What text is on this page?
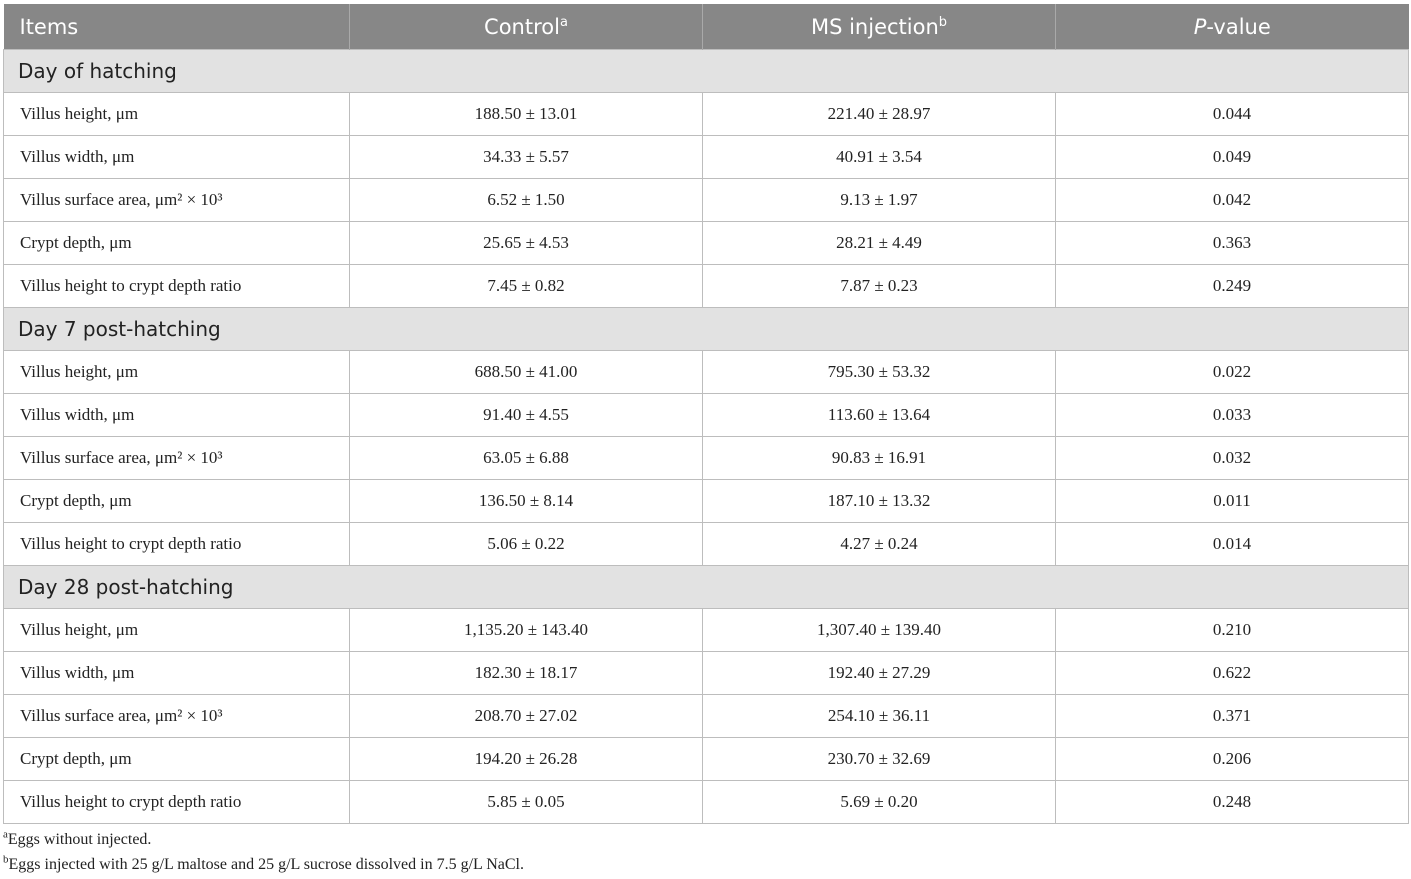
Items	Control$^a$	MS injection$^b$	P-value
Day of hatching			
Villus height, μm	188.50 ± 13.01	221.40 ± 28.97	0.044
Villus width, μm	34.33 ± 5.57	40.91 ± 3.54	0.049
Villus surface area, μm² × 10³	6.52 ± 1.50	9.13 ± 1.97	0.042
Crypt depth, μm	25.65 ± 4.53	28.21 ± 4.49	0.363
Villus height to crypt depth ratio	7.45 ± 0.82	7.87 ± 0.23	0.249
Day 7 post-hatching			
Villus height, μm	688.50 ± 41.00	795.30 ± 53.32	0.022
Villus width, μm	91.40 ± 4.55	113.60 ± 13.64	0.033
Villus surface area, μm² × 10³	63.05 ± 6.88	90.83 ± 16.91	0.032
Crypt depth, μm	136.50 ± 8.14	187.10 ± 13.32	0.011
Villus height to crypt depth ratio	5.06 ± 0.22	4.27 ± 0.24	0.014
Day 28 post-hatching			
Villus height, μm	1,135.20 ± 143.40	1,307.40 ± 139.40	0.210
Villus width, μm	182.30 ± 18.17	192.40 ± 27.29	0.622
Villus surface area, μm² × 10³	208.70 ± 27.02	254.10 ± 36.11	0.371
Crypt depth, μm	194.20 ± 26.28	230.70 ± 32.69	0.206
Villus height to crypt depth ratio	5.85 ± 0.05	5.69 ± 0.20	0.248
$^a$Eggs without injected.
$^b$Eggs injected with 25 g/L maltose and 25 g/L sucrose dissolved in 7.5 g/L NaCl.
